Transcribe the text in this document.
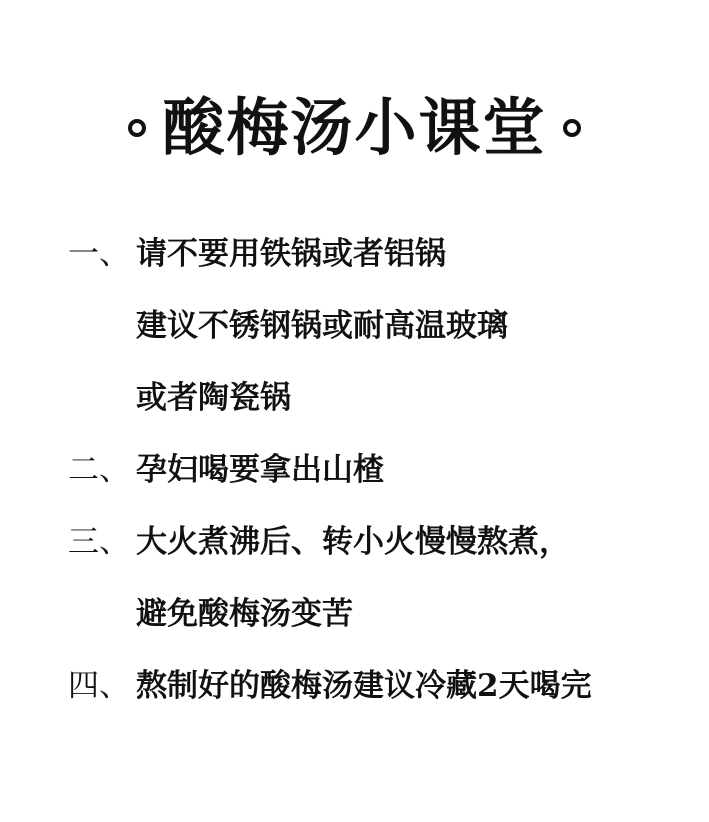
酸梅汤小课堂
一、 请不要用铁锅或者铝锅
建议不锈钢锅或耐高温玻璃
或者陶瓷锅
二、 孕妇喝要拿出山楂
三、 大火煮沸后、转小火慢慢熬煮，
避免酸梅汤变苦
四、 熬制好的酸梅汤建议冷藏2天喝完
